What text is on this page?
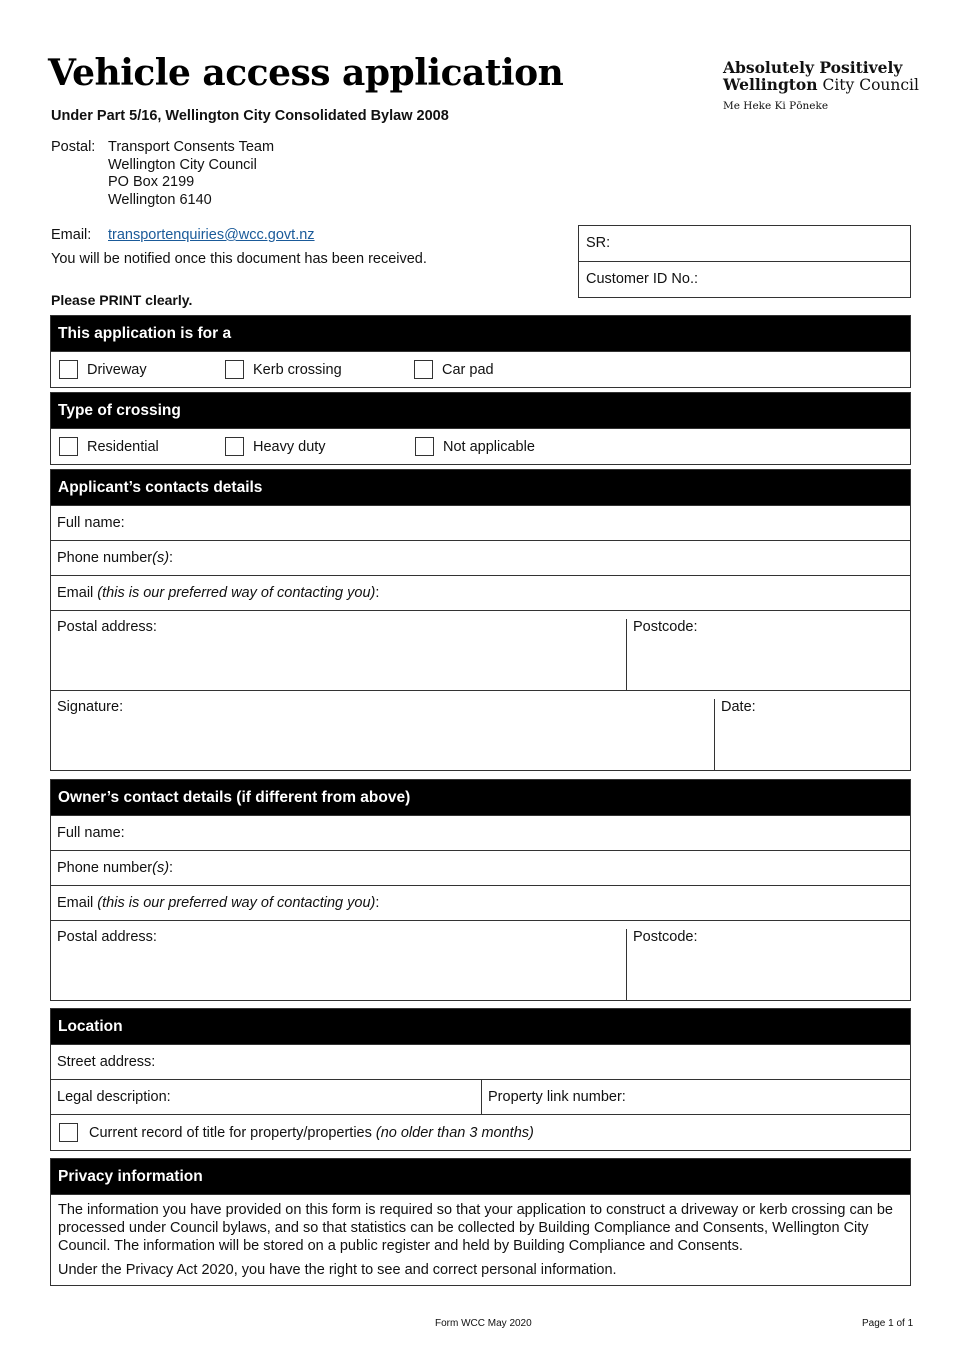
Vehicle access application
Under Part 5/16, Wellington City Consolidated Bylaw 2008
Absolutely Positively
Wellington City Council
Me Heke Ki Pōneke
Postal: Transport Consents Team
Wellington City Council
PO Box 2199
Wellington 6140
Email: transportenquiries@wcc.govt.nz
You will be notified once this document has been received.
Please PRINT clearly.
SR:
Customer ID No.:
This application is for a
Driveway	Kerb crossing	Car pad
Type of crossing
Residential	Heavy duty	Not applicable
Applicant’s contacts details
Full name:
Phone number(s):
Email (this is our preferred way of contacting you):
Postal address:	Postcode:
Signature:	Date:
Owner’s contact details (if different from above)
Full name:
Phone number(s):
Email (this is our preferred way of contacting you):
Postal address:	Postcode:
Location
Street address:
Legal description:	Property link number:
Current record of title for property/properties (no older than 3 months)
Privacy information

The information you have provided on this form is required so that your application to construct a driveway or kerb crossing can be processed under Council bylaws, and so that statistics can be collected by Building Compliance and Consents, Wellington City Council. The information will be stored on a public register and held by Building Compliance and Consents.

Under the Privacy Act 2020, you have the right to see and correct personal information.

Form WCC May 2020	Page 1 of 1
